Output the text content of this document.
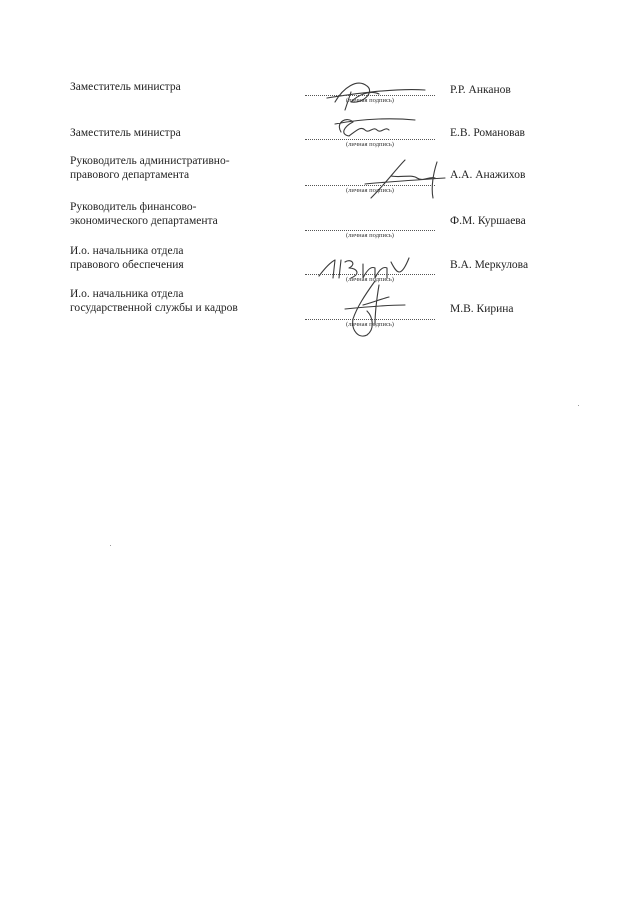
Заместитель министра
(личная подпись)
Р.Р. Анканов
Заместитель министра
(личная подпись)
Е.В. Романовав
Руководитель административно-
правового департамента
(личная подпись)
А.А. Анажихов
Руководитель финансово-
экономического департамента
(личная подпись)
Ф.М. Куршаева
И.о. начальника отдела
правового обеспечения
(личная подпись)
В.А. Меркулова
И.о. начальника отдела
государственной службы и кадров
(личная подпись)
М.В. Кирина
